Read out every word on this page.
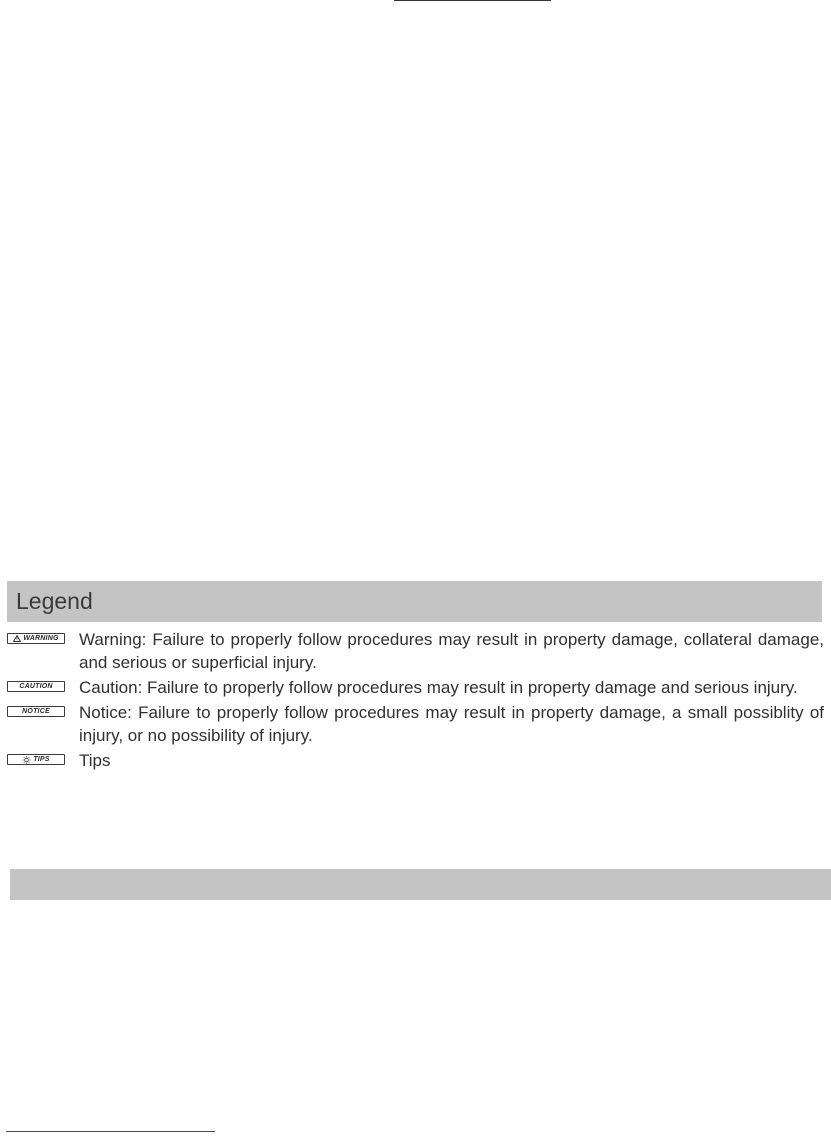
Legend
WARNING Warning: Failure to properly follow procedures may result in property damage, collateral damage, and serious or superficial injury.
CAUTION Caution: Failure to properly follow procedures may result in property damage and serious injury.
NOTICE Notice: Failure to properly follow procedures may result in property damage, a small possiblity of injury, or no possibility of injury.
TIPS Tips
